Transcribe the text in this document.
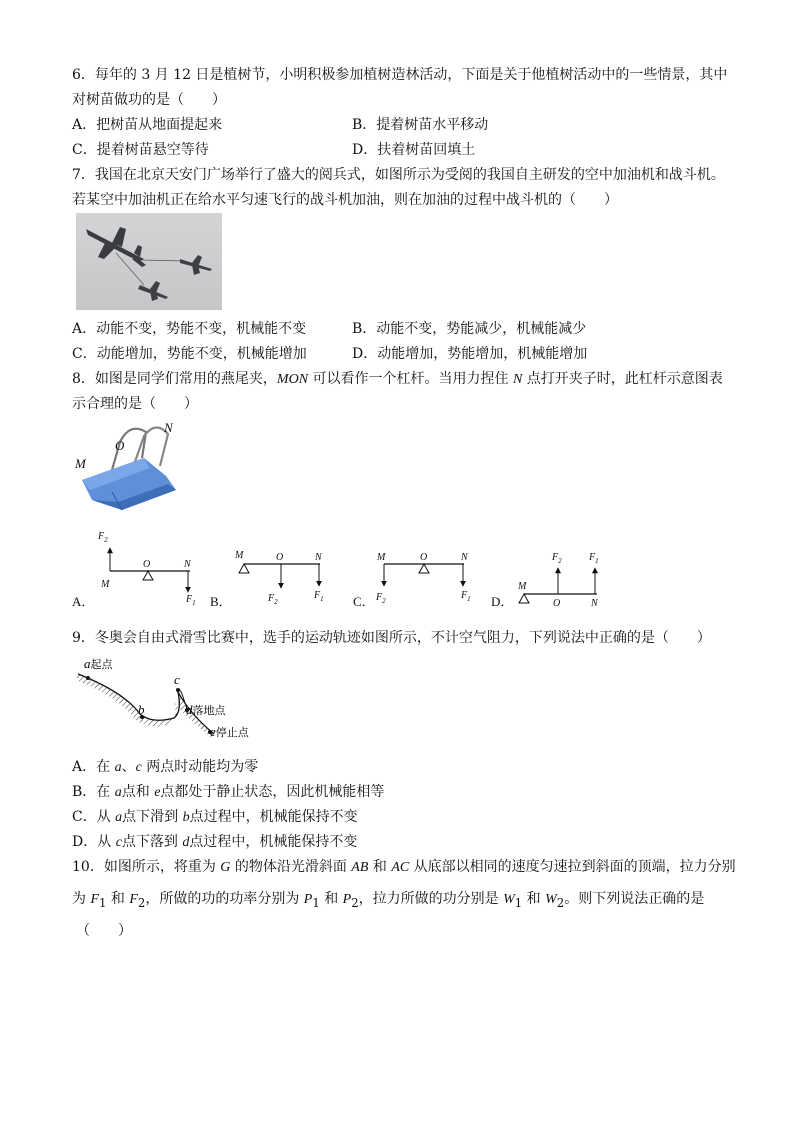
6．每年的 3 月 12 日是植树节，小明积极参加植树造林活动，下面是关于他植树活动中的一些情景，其中
对树苗做功的是（　　）
A．把树苗从地面提起来	B．提着树苗水平移动
C．提着树苗悬空等待	D．扶着树苗回填土
7．我国在北京天安门广场举行了盛大的阅兵式，如图所示为受阅的我国自主研发的空中加油机和战斗机。
若某空中加油机正在给水平匀速飞行的战斗机加油，则在加油的过程中战斗机的（　　）
A．动能不变，势能不变，机械能不变	B．动能不变，势能减少，机械能减少
C．动能增加，势能不变，机械能增加	D．动能增加，势能增加，机械能增加
8．如图是同学们常用的燕尾夹，MON 可以看作一个杠杆。当用力捏住 N 点打开夹子时，此杠杆示意图表
示合理的是（　　）
M
O
N
A．
$F_2$
O
M
N
$F_1$ B．
M	O	N
$F_2$
$F_1$ C．
M	O	N
$F_2$	$F_1$ D．
M
O	N
$F_2$	$F_1$
9．冬奥会自由式滑雪比赛中，选手的运动轨迹如图所示，不计空气阻力，下列说法中正确的是（　　）
a起点
b
c
d落地点
e停止点
A．在 a、c 两点时动能均为零
B．在 a点和 e点都处于静止状态，因此机械能相等
C．从 a点下滑到 b点过程中，机械能保持不变
D．从 c点下落到 d点过程中，机械能保持不变
10．如图所示，将重为 G 的物体沿光滑斜面 AB 和 AC 从底部以相同的速度匀速拉到斜面的顶端，拉力分别
为 $F_1$ 和 $F_2$，所做的功的功率分别为 $P_1$ 和 $P_2$，拉力所做的功分别是 $W_1$ 和 $W_2$。则下列说法正确的是
（　　）
